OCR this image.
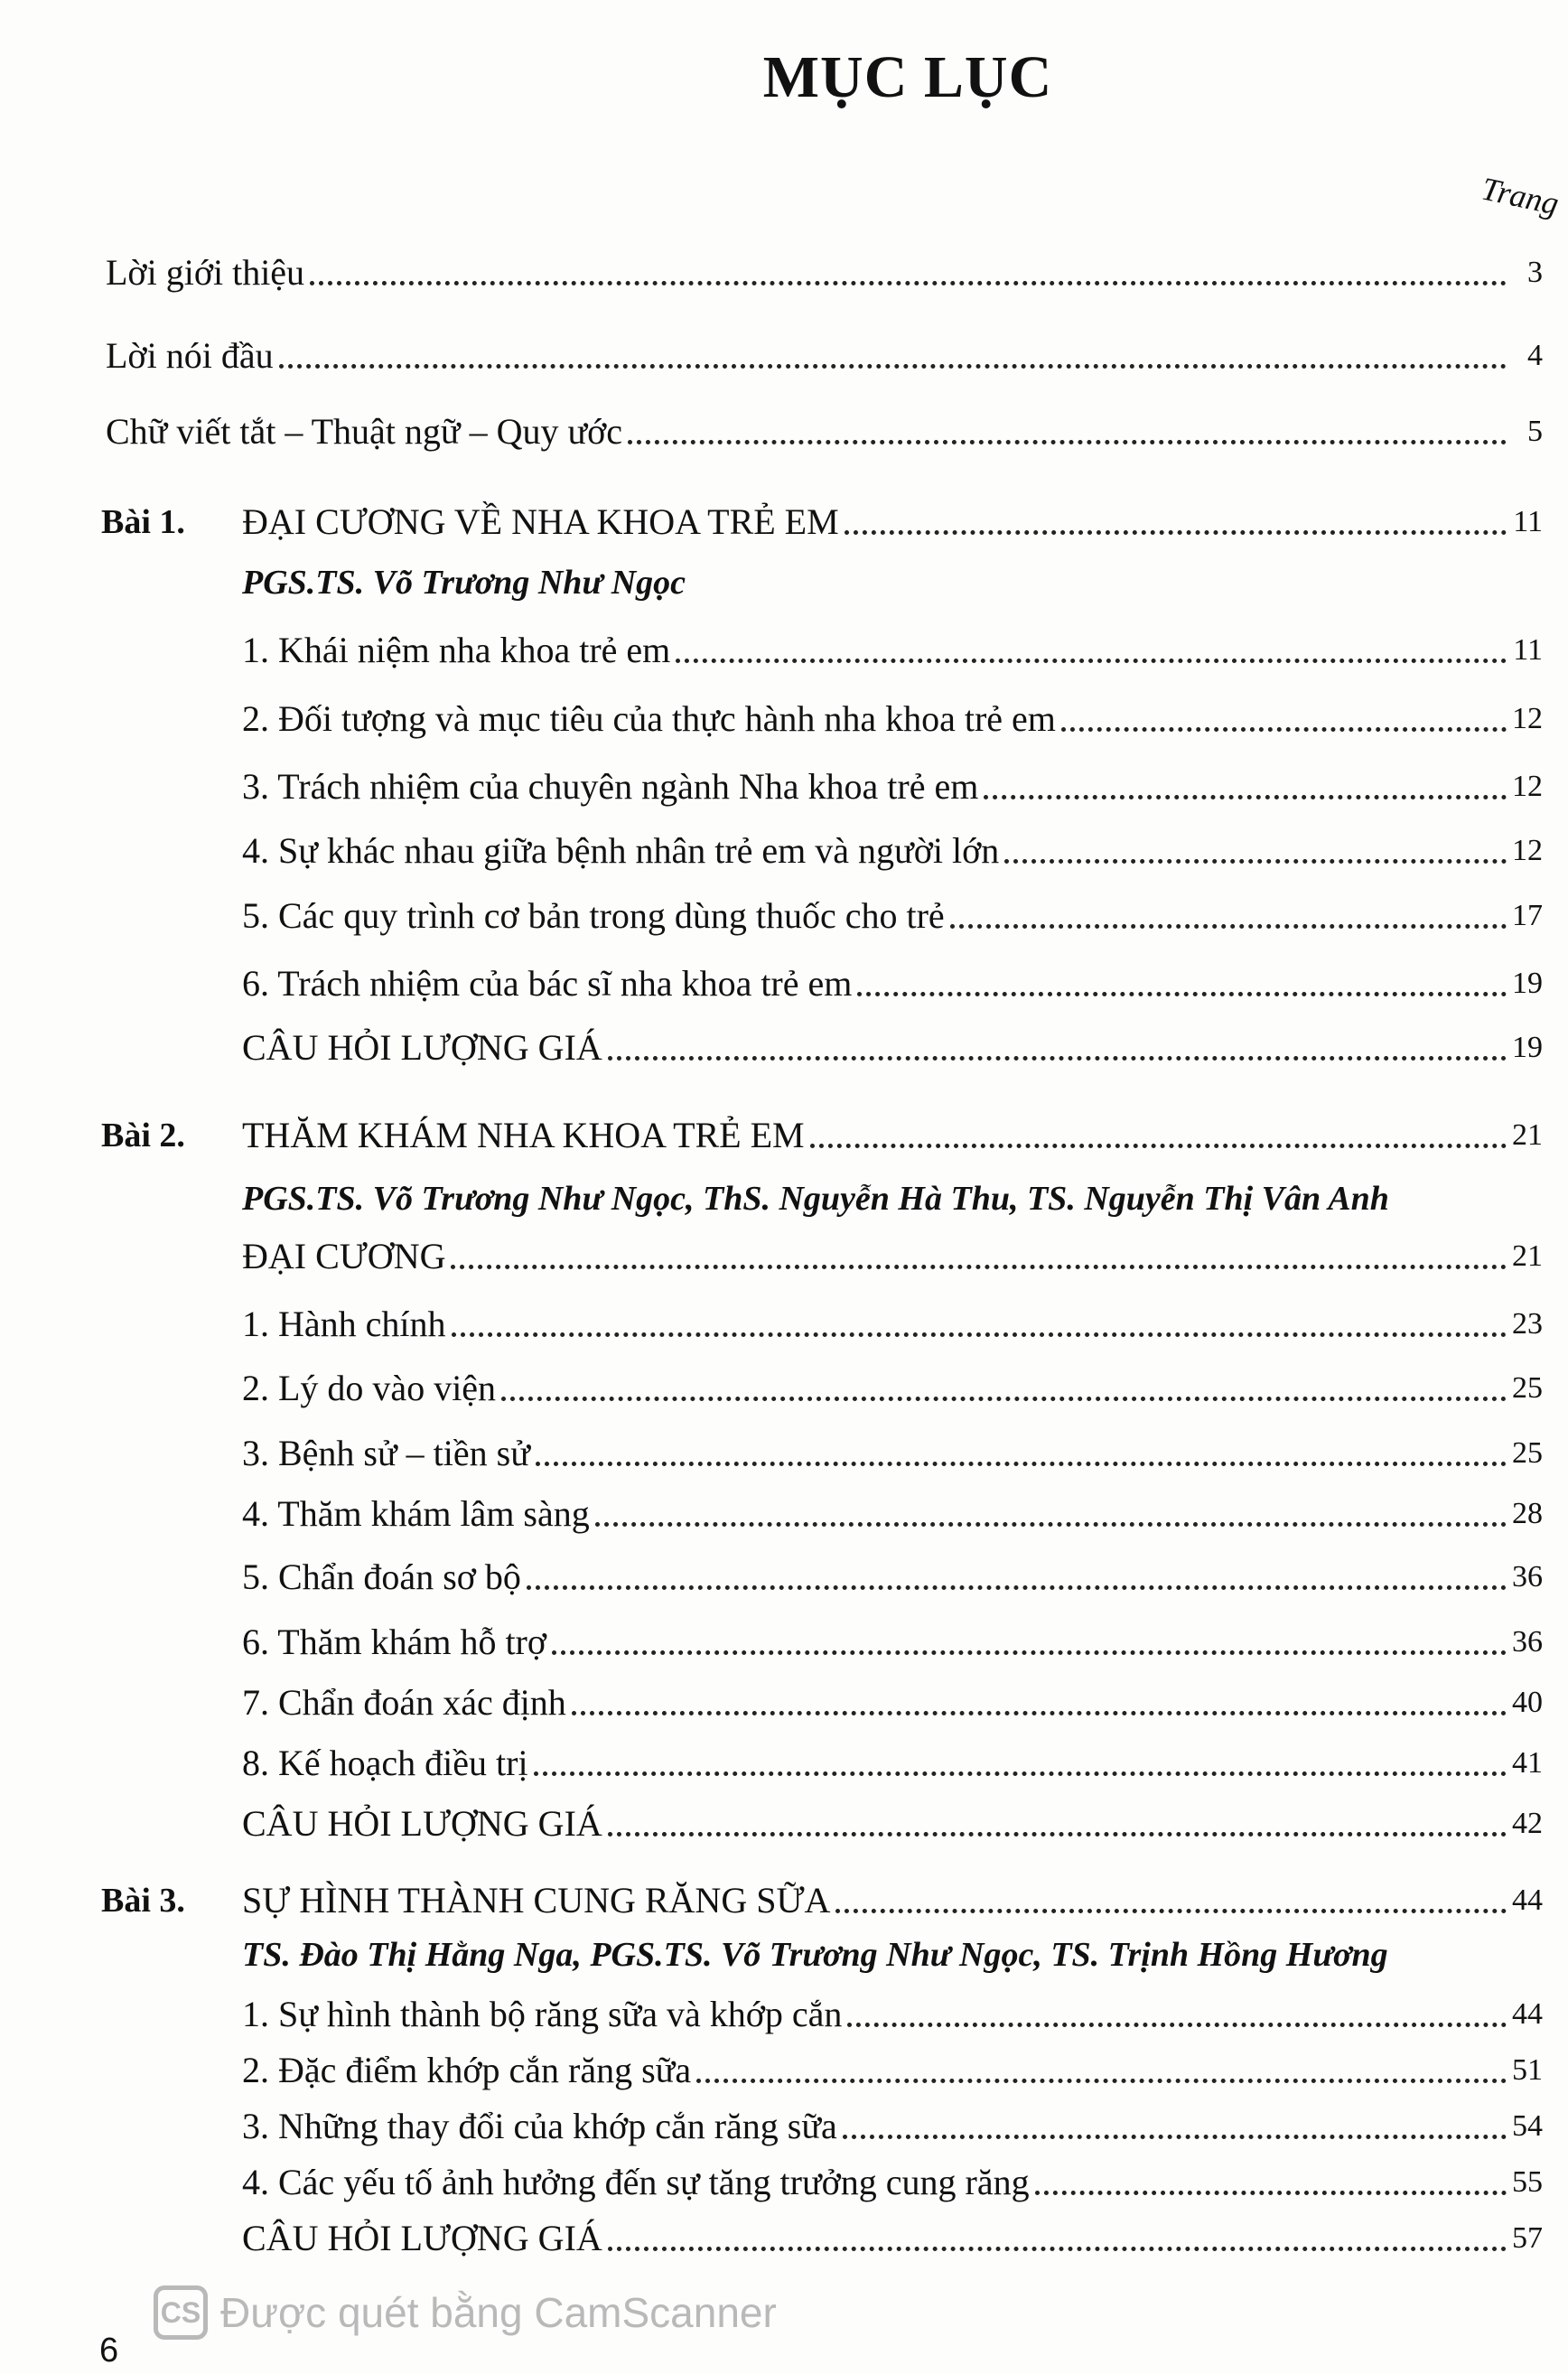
MỤC LỤC
Trang
Lời giới thiệu	3
Lời nói đầu	4
Chữ viết tắt – Thuật ngữ – Quy ước	5
Bài 1. ĐẠI CƯƠNG VỀ NHA KHOA TRẺ EM	11
PGS.TS. Võ Trương Như Ngọc
1. Khái niệm nha khoa trẻ em	11
2. Đối tượng và mục tiêu của thực hành nha khoa trẻ em	12
3. Trách nhiệm của chuyên ngành Nha khoa trẻ em	12
4. Sự khác nhau giữa bệnh nhân trẻ em và người lớn	12
5. Các quy trình cơ bản trong dùng thuốc cho trẻ	17
6. Trách nhiệm của bác sĩ nha khoa trẻ em	19
CÂU HỎI LƯỢNG GIÁ	19
Bài 2. THĂM KHÁM NHA KHOA TRẺ EM	21
PGS.TS. Võ Trương Như Ngọc, ThS. Nguyễn Hà Thu, TS. Nguyễn Thị Vân Anh
ĐẠI CƯƠNG	21
1. Hành chính	23
2. Lý do vào viện	25
3. Bệnh sử – tiền sử	25
4. Thăm khám lâm sàng	28
5. Chẩn đoán sơ bộ	36
6. Thăm khám hỗ trợ	36
7. Chẩn đoán xác định	40
8. Kế hoạch điều trị	41
CÂU HỎI LƯỢNG GIÁ	42
Bài 3. SỰ HÌNH THÀNH CUNG RĂNG SỮA	44
TS. Đào Thị Hằng Nga, PGS.TS. Võ Trương Như Ngọc, TS. Trịnh Hồng Hương
1. Sự hình thành bộ răng sữa và khớp cắn	44
2. Đặc điểm khớp cắn răng sữa	51
3. Những thay đổi của khớp cắn răng sữa	54
4. Các yếu tố ảnh hưởng đến sự tăng trưởng cung răng	55
CÂU HỎI LƯỢNG GIÁ	57
CS Được quét bằng CamScanner
6
